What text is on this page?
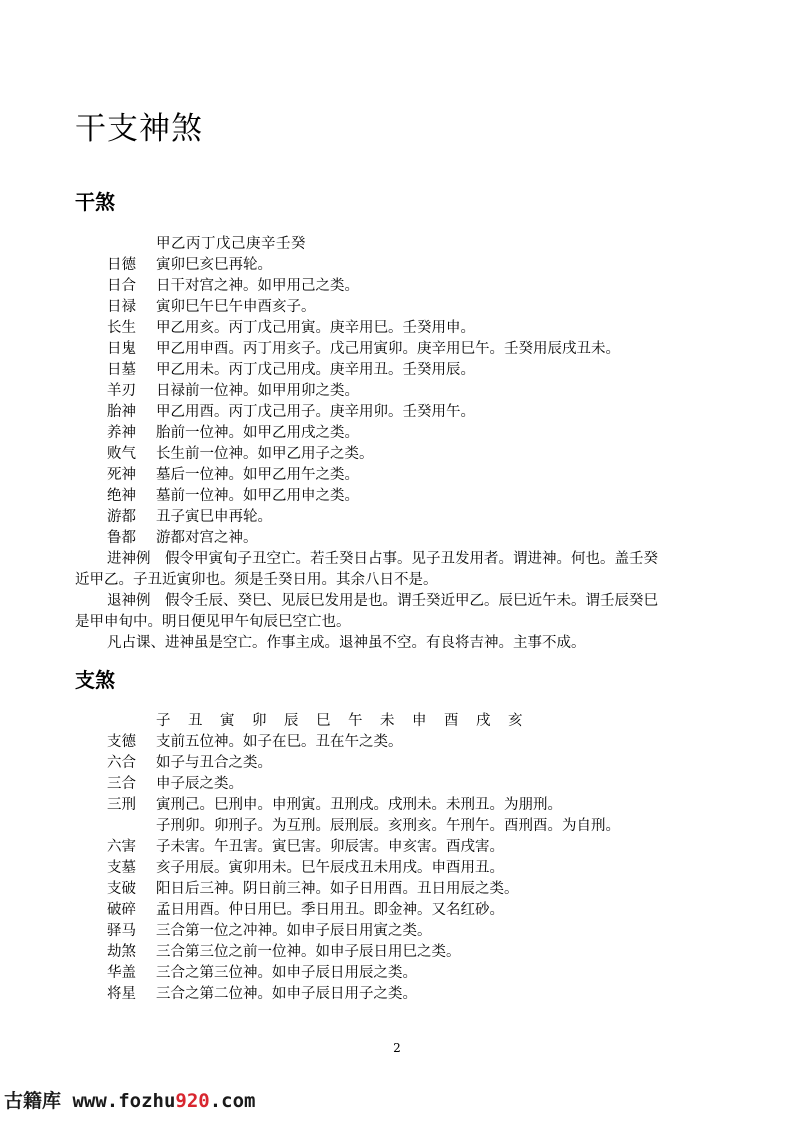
干支神煞
干煞
甲乙丙丁戊己庚辛壬癸
日德 寅卯巳亥巳再轮。
日合 日干对宫之神。如甲用己之类。
日禄 寅卯巳午巳午申酉亥子。
长生 甲乙用亥。丙丁戊己用寅。庚辛用巳。壬癸用申。
日鬼 甲乙用申酉。丙丁用亥子。戊己用寅卯。庚辛用巳午。壬癸用辰戌丑未。
日墓 甲乙用未。丙丁戊己用戌。庚辛用丑。壬癸用辰。
羊刃 日禄前一位神。如甲用卯之类。
胎神 甲乙用酉。丙丁戊己用子。庚辛用卯。壬癸用午。
养神 胎前一位神。如甲乙用戌之类。
败气 长生前一位神。如甲乙用子之类。
死神 墓后一位神。如甲乙用午之类。
绝神 墓前一位神。如甲乙用申之类。
游都 丑子寅巳申再轮。
鲁都 游都对宫之神。
进神例　假令甲寅旬子丑空亡。若壬癸日占事。见子丑发用者。谓进神。何也。盖壬癸
近甲乙。子丑近寅卯也。须是壬癸日用。其余八日不是。
退神例　假令壬辰、癸巳、见辰巳发用是也。谓壬癸近甲乙。辰巳近午未。谓壬辰癸巳
是甲申旬中。明日便见甲午旬辰巳空亡也。
凡占课、进神虽是空亡。作事主成。退神虽不空。有良将吉神。主事不成。
支煞
子 丑 寅 卯 辰 巳 午 未 申 酉 戌 亥
支德 支前五位神。如子在巳。丑在午之类。
六合 如子与丑合之类。
三合 申子辰之类。
三刑 寅刑己。巳刑申。申刑寅。丑刑戌。戌刑未。未刑丑。为朋刑。
子刑卯。卯刑子。为互刑。辰刑辰。亥刑亥。午刑午。酉刑酉。为自刑。
六害 子未害。午丑害。寅巳害。卯辰害。申亥害。酉戌害。
支墓 亥子用辰。寅卯用未。巳午辰戌丑未用戌。申酉用丑。
支破 阳日后三神。阴日前三神。如子日用酉。丑日用辰之类。
破碎 孟日用酉。仲日用巳。季日用丑。即金神。又名红砂。
驿马 三合第一位之冲神。如申子辰日用寅之类。
劫煞 三合第三位之前一位神。如申子辰日用巳之类。
华盖 三合之第三位神。如申子辰日用辰之类。
将星 三合之第二位神。如申子辰日用子之类。
2
古籍库 www.fozhu920.com
